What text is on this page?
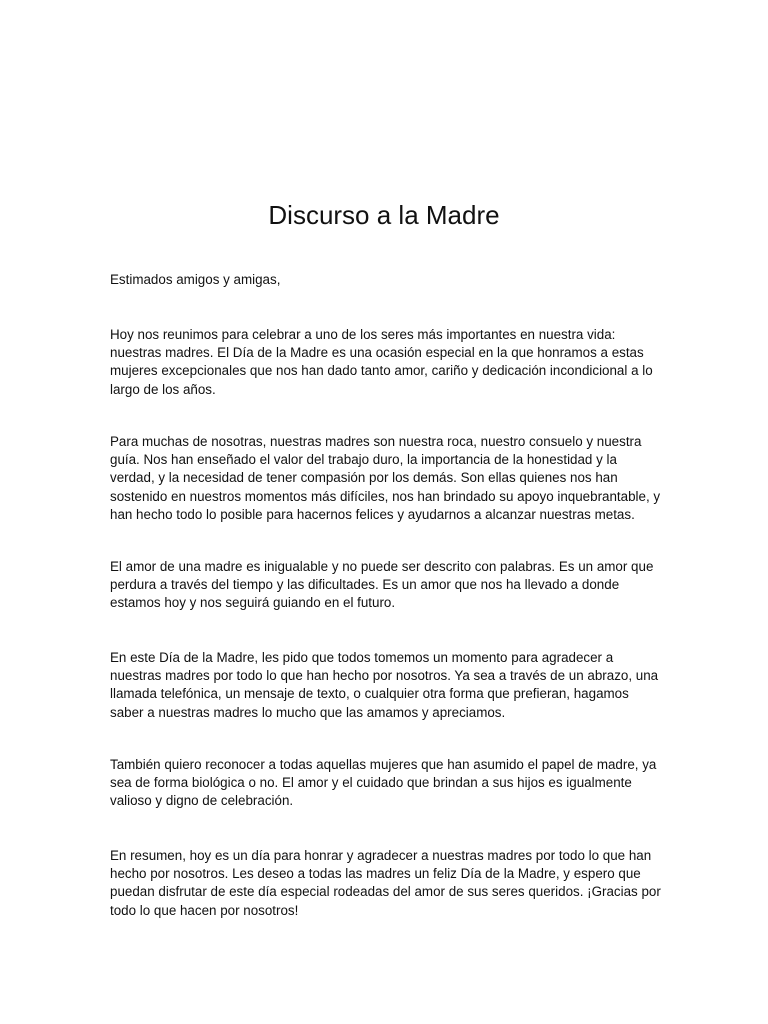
Discurso a la Madre

Estimados amigos y amigas,

Hoy nos reunimos para celebrar a uno de los seres más importantes en nuestra vida: nuestras madres. El Día de la Madre es una ocasión especial en la que honramos a estas mujeres excepcionales que nos han dado tanto amor, cariño y dedicación incondicional a lo largo de los años.

Para muchas de nosotras, nuestras madres son nuestra roca, nuestro consuelo y nuestra guía. Nos han enseñado el valor del trabajo duro, la importancia de la honestidad y la verdad, y la necesidad de tener compasión por los demás. Son ellas quienes nos han sostenido en nuestros momentos más difíciles, nos han brindado su apoyo inquebrantable, y han hecho todo lo posible para hacernos felices y ayudarnos a alcanzar nuestras metas.

El amor de una madre es inigualable y no puede ser descrito con palabras. Es un amor que perdura a través del tiempo y las dificultades. Es un amor que nos ha llevado a donde estamos hoy y nos seguirá guiando en el futuro.

En este Día de la Madre, les pido que todos tomemos un momento para agradecer a nuestras madres por todo lo que han hecho por nosotros. Ya sea a través de un abrazo, una llamada telefónica, un mensaje de texto, o cualquier otra forma que prefieran, hagamos saber a nuestras madres lo mucho que las amamos y apreciamos.

También quiero reconocer a todas aquellas mujeres que han asumido el papel de madre, ya sea de forma biológica o no. El amor y el cuidado que brindan a sus hijos es igualmente valioso y digno de celebración.

En resumen, hoy es un día para honrar y agradecer a nuestras madres por todo lo que han hecho por nosotros. Les deseo a todas las madres un feliz Día de la Madre, y espero que puedan disfrutar de este día especial rodeadas del amor de sus seres queridos. ¡Gracias por todo lo que hacen por nosotros!
